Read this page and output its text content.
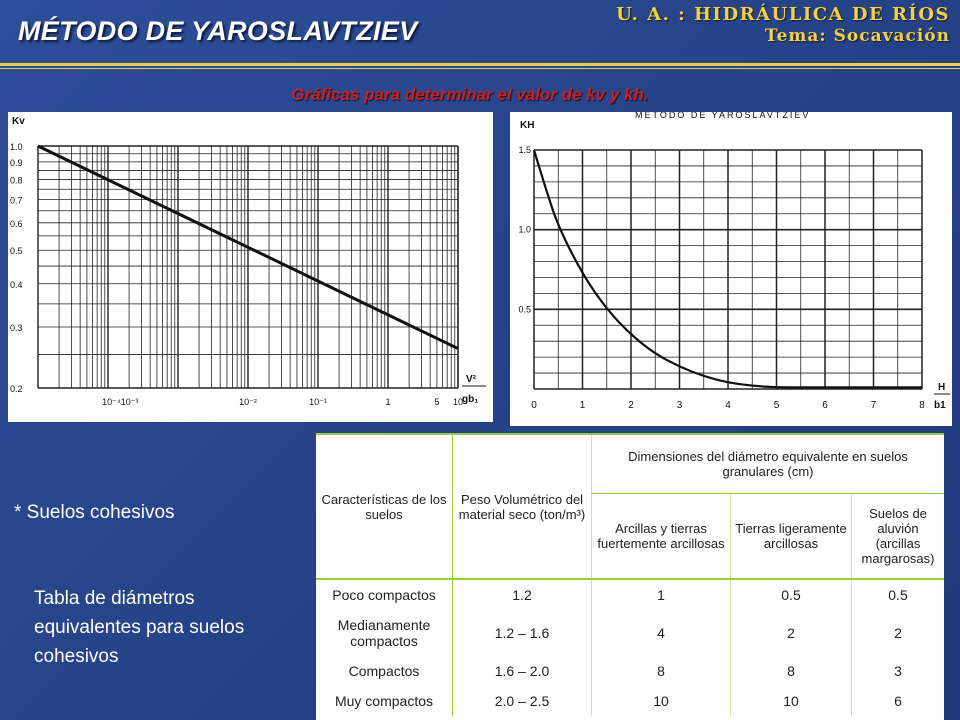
MÉTODO DE YAROSLAVTZIEV
U. A. : HIDRÁULICA DE RÍOS
Tema: Socavación
Gráficas para determinar el valor de kv y kh.
1.0
0.9
0.8
0.7
0.6
0.5
0.4
0.3
0.2
10⁻⁴10⁻³	10⁻²	10⁻¹	1	5 10
Kv
V²
gb₁
METODO DE YAROSLAVTZIEV
1.5
1.0
0.5
0	1	2	3	4	5	6	7	8
KH
H
b1
* Suelos cohesivos
Tabla de diámetros equivalentes para suelos cohesivos
Características de los suelos	Peso Volumétrico del material seco (ton/m³)	Dimensiones del diámetro equivalente en suelos granulares (cm)		
		Arcillas y tierras fuertemente arcillosas	Tierras ligeramente arcillosas	Suelos de aluvión (arcillas margarosas)
Poco compactos	1.2	1	0.5	0.5
Medianamente compactos	1.2 – 1.6	4	2	2
Compactos	1.6 – 2.0	8	8	3
Muy compactos	2.0 – 2.5	10	10	6
